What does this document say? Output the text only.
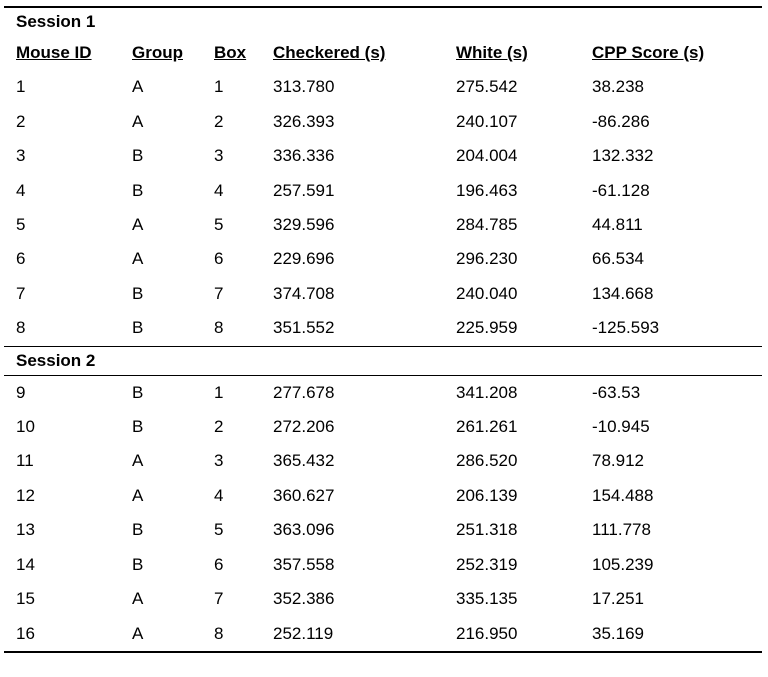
Session 1					
Mouse ID	Group	Box	Checkered (s)	White (s)	CPP Score (s)
1	A	1	313.780	275.542	38.238
2	A	2	326.393	240.107	-86.286
3	B	3	336.336	204.004	132.332
4	B	4	257.591	196.463	-61.128
5	A	5	329.596	284.785	44.811
6	A	6	229.696	296.230	66.534
7	B	7	374.708	240.040	134.668
8	B	8	351.552	225.959	-125.593
Session 2					
9	B	1	277.678	341.208	-63.53
10	B	2	272.206	261.261	-10.945
11	A	3	365.432	286.520	78.912
12	A	4	360.627	206.139	154.488
13	B	5	363.096	251.318	111.778
14	B	6	357.558	252.319	105.239
15	A	7	352.386	335.135	17.251
16	A	8	252.119	216.950	35.169
